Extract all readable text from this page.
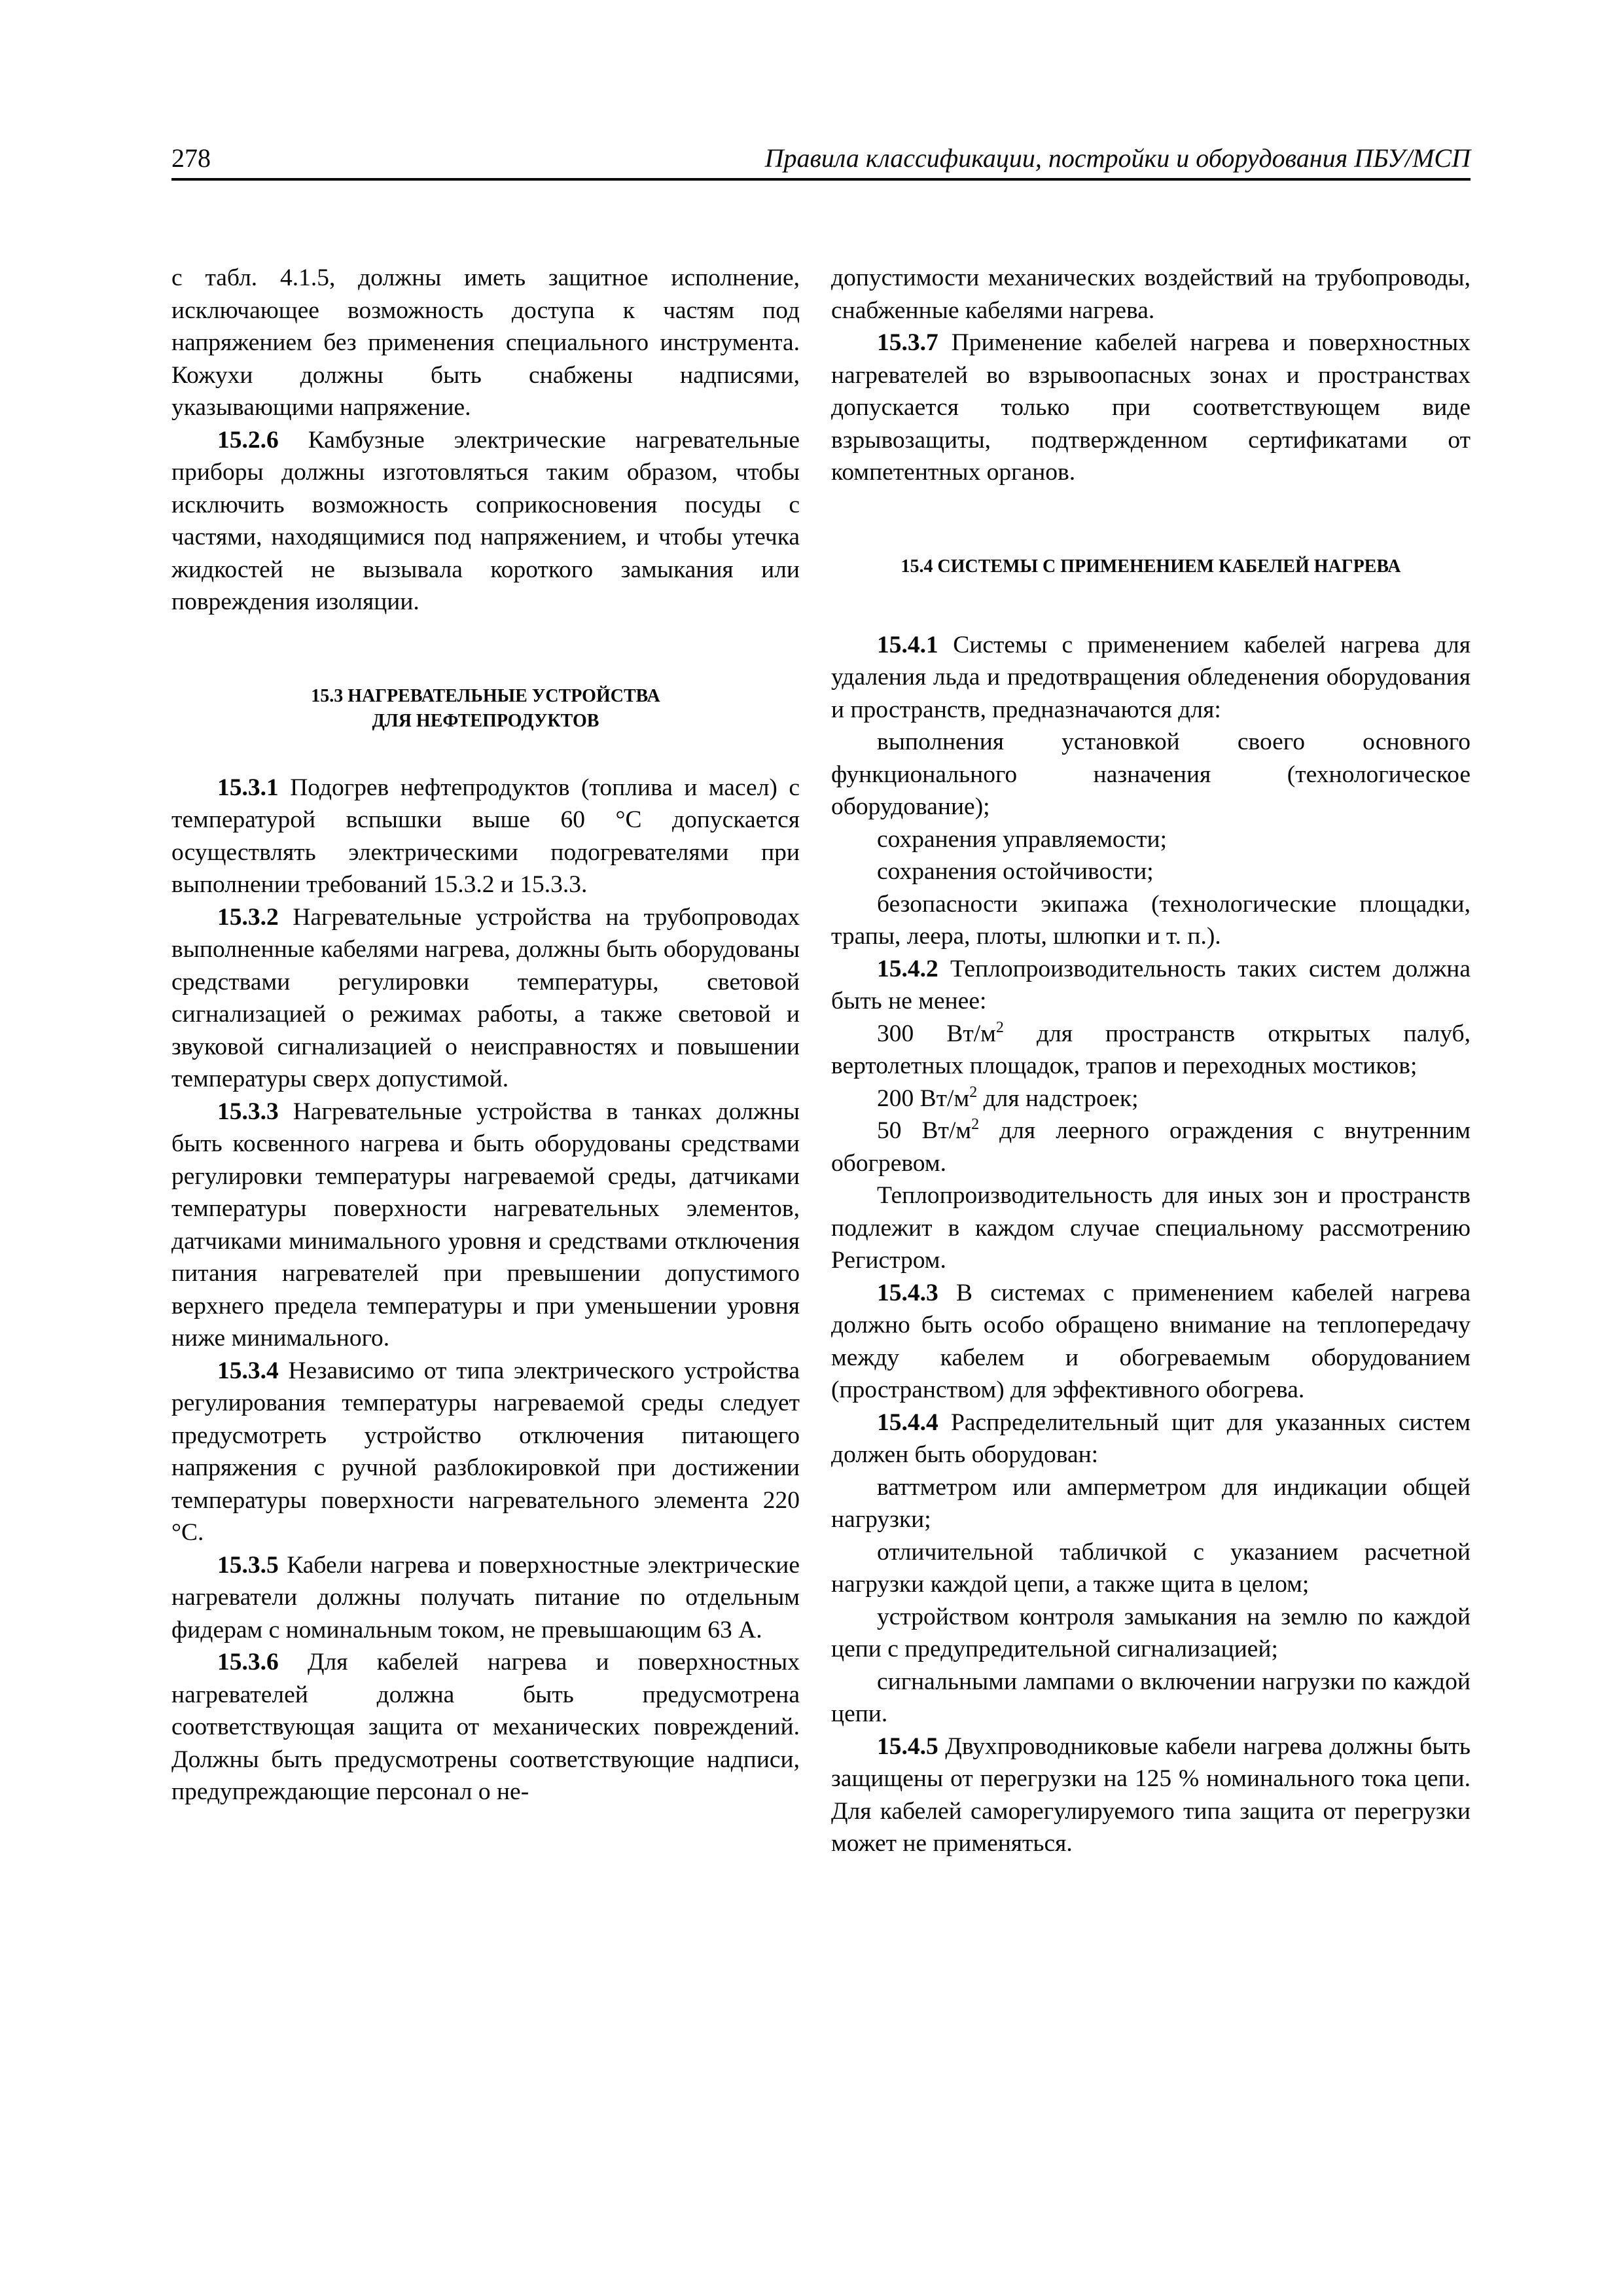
278	Правила классификации, постройки и оборудования ПБУ/МСП

с табл. 4.1.5, должны иметь защитное исполнение, исключающее возможность доступа к частям под напряжением без применения специального инструмента. Кожухи должны быть снабжены надписями, указывающими напряжение.

15.2.6 Камбузные электрические нагревательные приборы должны изготовляться таким образом, чтобы исключить возможность соприкосновения посуды с частями, находящимися под напряжением, и чтобы утечка жидкостей не вызывала короткого замыкания или повреждения изоляции.

15.3 НАГРЕВАТЕЛЬНЫЕ УСТРОЙСТВА
ДЛЯ НЕФТЕПРОДУКТОВ

15.3.1 Подогрев нефтепродуктов (топлива и масел) с температурой вспышки выше 60 °С допускается осуществлять электрическими подогревателями при выполнении требований 15.3.2 и 15.3.3.

15.3.2 Нагревательные устройства на трубопроводах выполненные кабелями нагрева, должны быть оборудованы средствами регулировки температуры, световой сигнализацией о режимах работы, а также световой и звуковой сигнализацией о неисправностях и повышении температуры сверх допустимой.

15.3.3 Нагревательные устройства в танках должны быть косвенного нагрева и быть оборудованы средствами регулировки температуры нагреваемой среды, датчиками температуры поверхности нагревательных элементов, датчиками минимального уровня и средствами отключения питания нагревателей при превышении допустимого верхнего предела температуры и при уменьшении уровня ниже минимального.

15.3.4 Независимо от типа электрического устройства регулирования температуры нагреваемой среды следует предусмотреть устройство отключения питающего напряжения с ручной разблокировкой при достижении температуры поверхности нагревательного элемента 220 °С.

15.3.5 Кабели нагрева и поверхностные электрические нагреватели должны получать питание по отдельным фидерам с номинальным током, не превышающим 63 А.

15.3.6 Для кабелей нагрева и поверхностных нагревателей должна быть предусмотрена соответствующая защита от механических повреждений. Должны быть предусмотрены соответствующие надписи, предупреждающие персонал о не-

допустимости механических воздействий на трубопроводы, снабженные кабелями нагрева.

15.3.7 Применение кабелей нагрева и поверхностных нагревателей во взрывоопасных зонах и пространствах допускается только при соответствующем виде взрывозащиты, подтвержденном сертификатами от компетентных органов.

15.4 СИСТЕМЫ С ПРИМЕНЕНИЕМ КАБЕЛЕЙ НАГРЕВА

15.4.1 Системы с применением кабелей нагрева для удаления льда и предотвращения обледенения оборудования и пространств, предназначаются для:

выполнения установкой своего основного функционального назначения (технологическое оборудование);

сохранения управляемости;

сохранения остойчивости;

безопасности экипажа (технологические площадки, трапы, леера, плоты, шлюпки и т. п.).

15.4.2 Теплопроизводительность таких систем должна быть не менее:

300 $Вт/м^2$ для пространств открытых палуб, вертолетных площадок, трапов и переходных мостиков;

200 $Вт/м^2$ для надстроек;

50 $Вт/м^2$ для леерного ограждения с внутренним обогревом.

Теплопроизводительность для иных зон и пространств подлежит в каждом случае специальному рассмотрению Регистром.

15.4.3 В системах с применением кабелей нагрева должно быть особо обращено внимание на теплопередачу между кабелем и обогреваемым оборудованием (пространством) для эффективного обогрева.

15.4.4 Распределительный щит для указанных систем должен быть оборудован:

ваттметром или амперметром для индикации общей нагрузки;

отличительной табличкой с указанием расчетной нагрузки каждой цепи, а также щита в целом;

устройством контроля замыкания на землю по каждой цепи с предупредительной сигнализацией;

сигнальными лампами о включении нагрузки по каждой цепи.

15.4.5 Двухпроводниковые кабели нагрева должны быть защищены от перегрузки на 125 % номинального тока цепи. Для кабелей саморегулируемого типа защита от перегрузки может не применяться.
